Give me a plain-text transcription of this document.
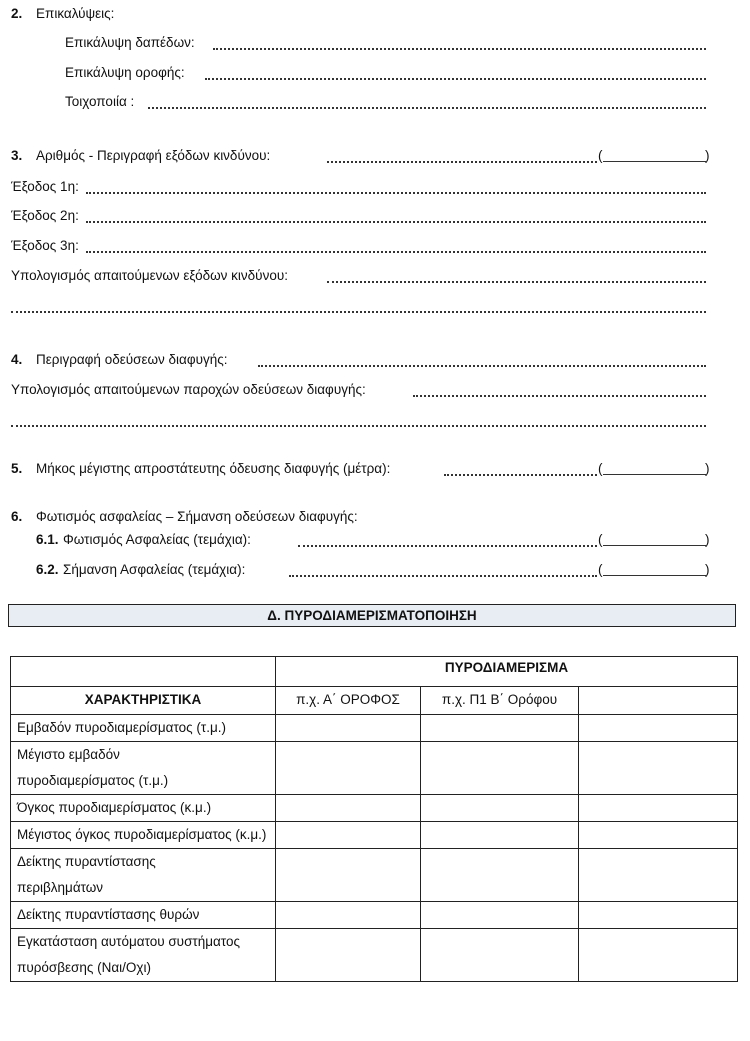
2. Επικαλύψεις:
Επικάλυψη δαπέδων:
Επικάλυψη οροφής:
Τοιχοποιία :
3. Αριθμός - Περιγραφή εξόδων κινδύνου:	(	)
Έξοδος 1η:
Έξοδος 2η:
Έξοδος 3η:
Υπολογισμός απαιτούμενων εξόδων κινδύνου:
4. Περιγραφή οδεύσεων διαφυγής:
Υπολογισμός απαιτούμενων παροχών οδεύσεων διαφυγής:
5. Μήκος μέγιστης απροστάτευτης όδευσης διαφυγής (μέτρα):	(	)
6. Φωτισμός ασφαλείας – Σήμανση οδεύσεων διαφυγής:
6.1. Φωτισμός Ασφαλείας (τεμάχια):	(	)
6.2. Σήμανση Ασφαλείας (τεμάχια):	(	)
Δ. ΠΥΡΟΔΙΑΜΕΡΙΣΜΑΤΟΠΟΙΗΣΗ
	ΠΥΡΟΔΙΑΜΕΡΙΣΜΑ		
ΧΑΡΑΚΤΗΡΙΣΤΙΚΑ	π.χ. Α΄ ΟΡΟΦΟΣ	π.χ. Π1 Β΄ Ορόφου	
Εμβαδόν πυροδιαμερίσματος (τ.μ.)			

Μέγιστο εμβαδόν πυροδιαμερίσματος (τ.μ.)			

Όγκος πυροδιαμερίσματος (κ.μ.)			

Μέγιστος όγκος πυροδιαμερίσματος (κ.μ.)			

Δείκτης πυραντίστασης περιβλημάτων			

Δείκτης πυραντίστασης θυρών			

Εγκατάσταση αυτόματου συστήματος πυρόσβεσης (Ναι/Οχι)			
